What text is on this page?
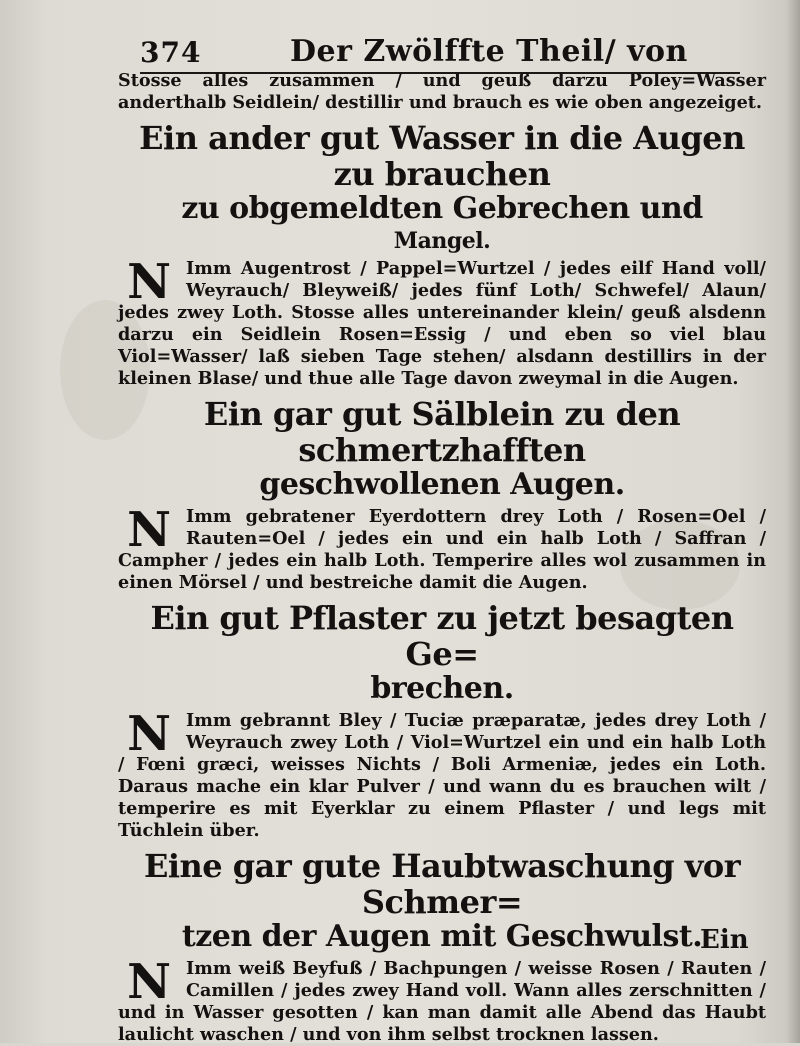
374	Der Zwölffte Theil/ von

Stosse alles zusammen / und geuß darzu Poley=Wasser anderthalb Seidlein/ destillir und brauch es wie oben angezeiget.

Ein ander gut Wasser in die Augen zu brauchen
zu obgemeldten Gebrechen und
Mangel.
N Imm Augentrost / Pappel=Wurtzel / jedes eilf Hand voll/ Weyrauch/ Bleyweiß/ jedes fünf Loth/ Schwefel/ Alaun/ jedes zwey Loth. Stosse alles untereinander klein/ geuß alsdenn darzu ein Seidlein Rosen=Essig / und eben so viel blau Viol=Wasser/ laß sieben Tage stehen/ alsdann destillirs in der kleinen Blase/ und thue alle Tage davon zweymal in die Augen.

Ein gar gut Sälblein zu den schmertzhafften
geschwollenen Augen.
N Imm gebratener Eyerdottern drey Loth / Rosen=Oel / Rauten=Oel / jedes ein und ein halb Loth / Saffran / Campher / jedes ein halb Loth. Temperire alles wol zusammen in einen Mörsel / und bestreiche damit die Augen.

Ein gut Pflaster zu jetzt besagten Ge=
brechen.
N Imm gebrannt Bley / Tuciæ præparatæ, jedes drey Loth / Weyrauch zwey Loth / Viol=Wurtzel ein und ein halb Loth / Fœni græci, weisses Nichts / Boli Armeniæ, jedes ein Loth. Daraus mache ein klar Pulver / und wann du es brauchen wilt / temperire es mit Eyerklar zu einem Pflaster / und legs mit Tüchlein über.

Eine gar gute Haubtwaschung vor Schmer=
tzen der Augen mit Geschwulst.
N Imm weiß Beyfuß / Bachpungen / weisse Rosen / Rauten / Camillen / jedes zwey Hand voll. Wann alles zerschnitten / und in Wasser gesotten / kan man damit alle Abend das Haubt laulicht waschen / und von ihm selbst trocknen lassen.

Ein
